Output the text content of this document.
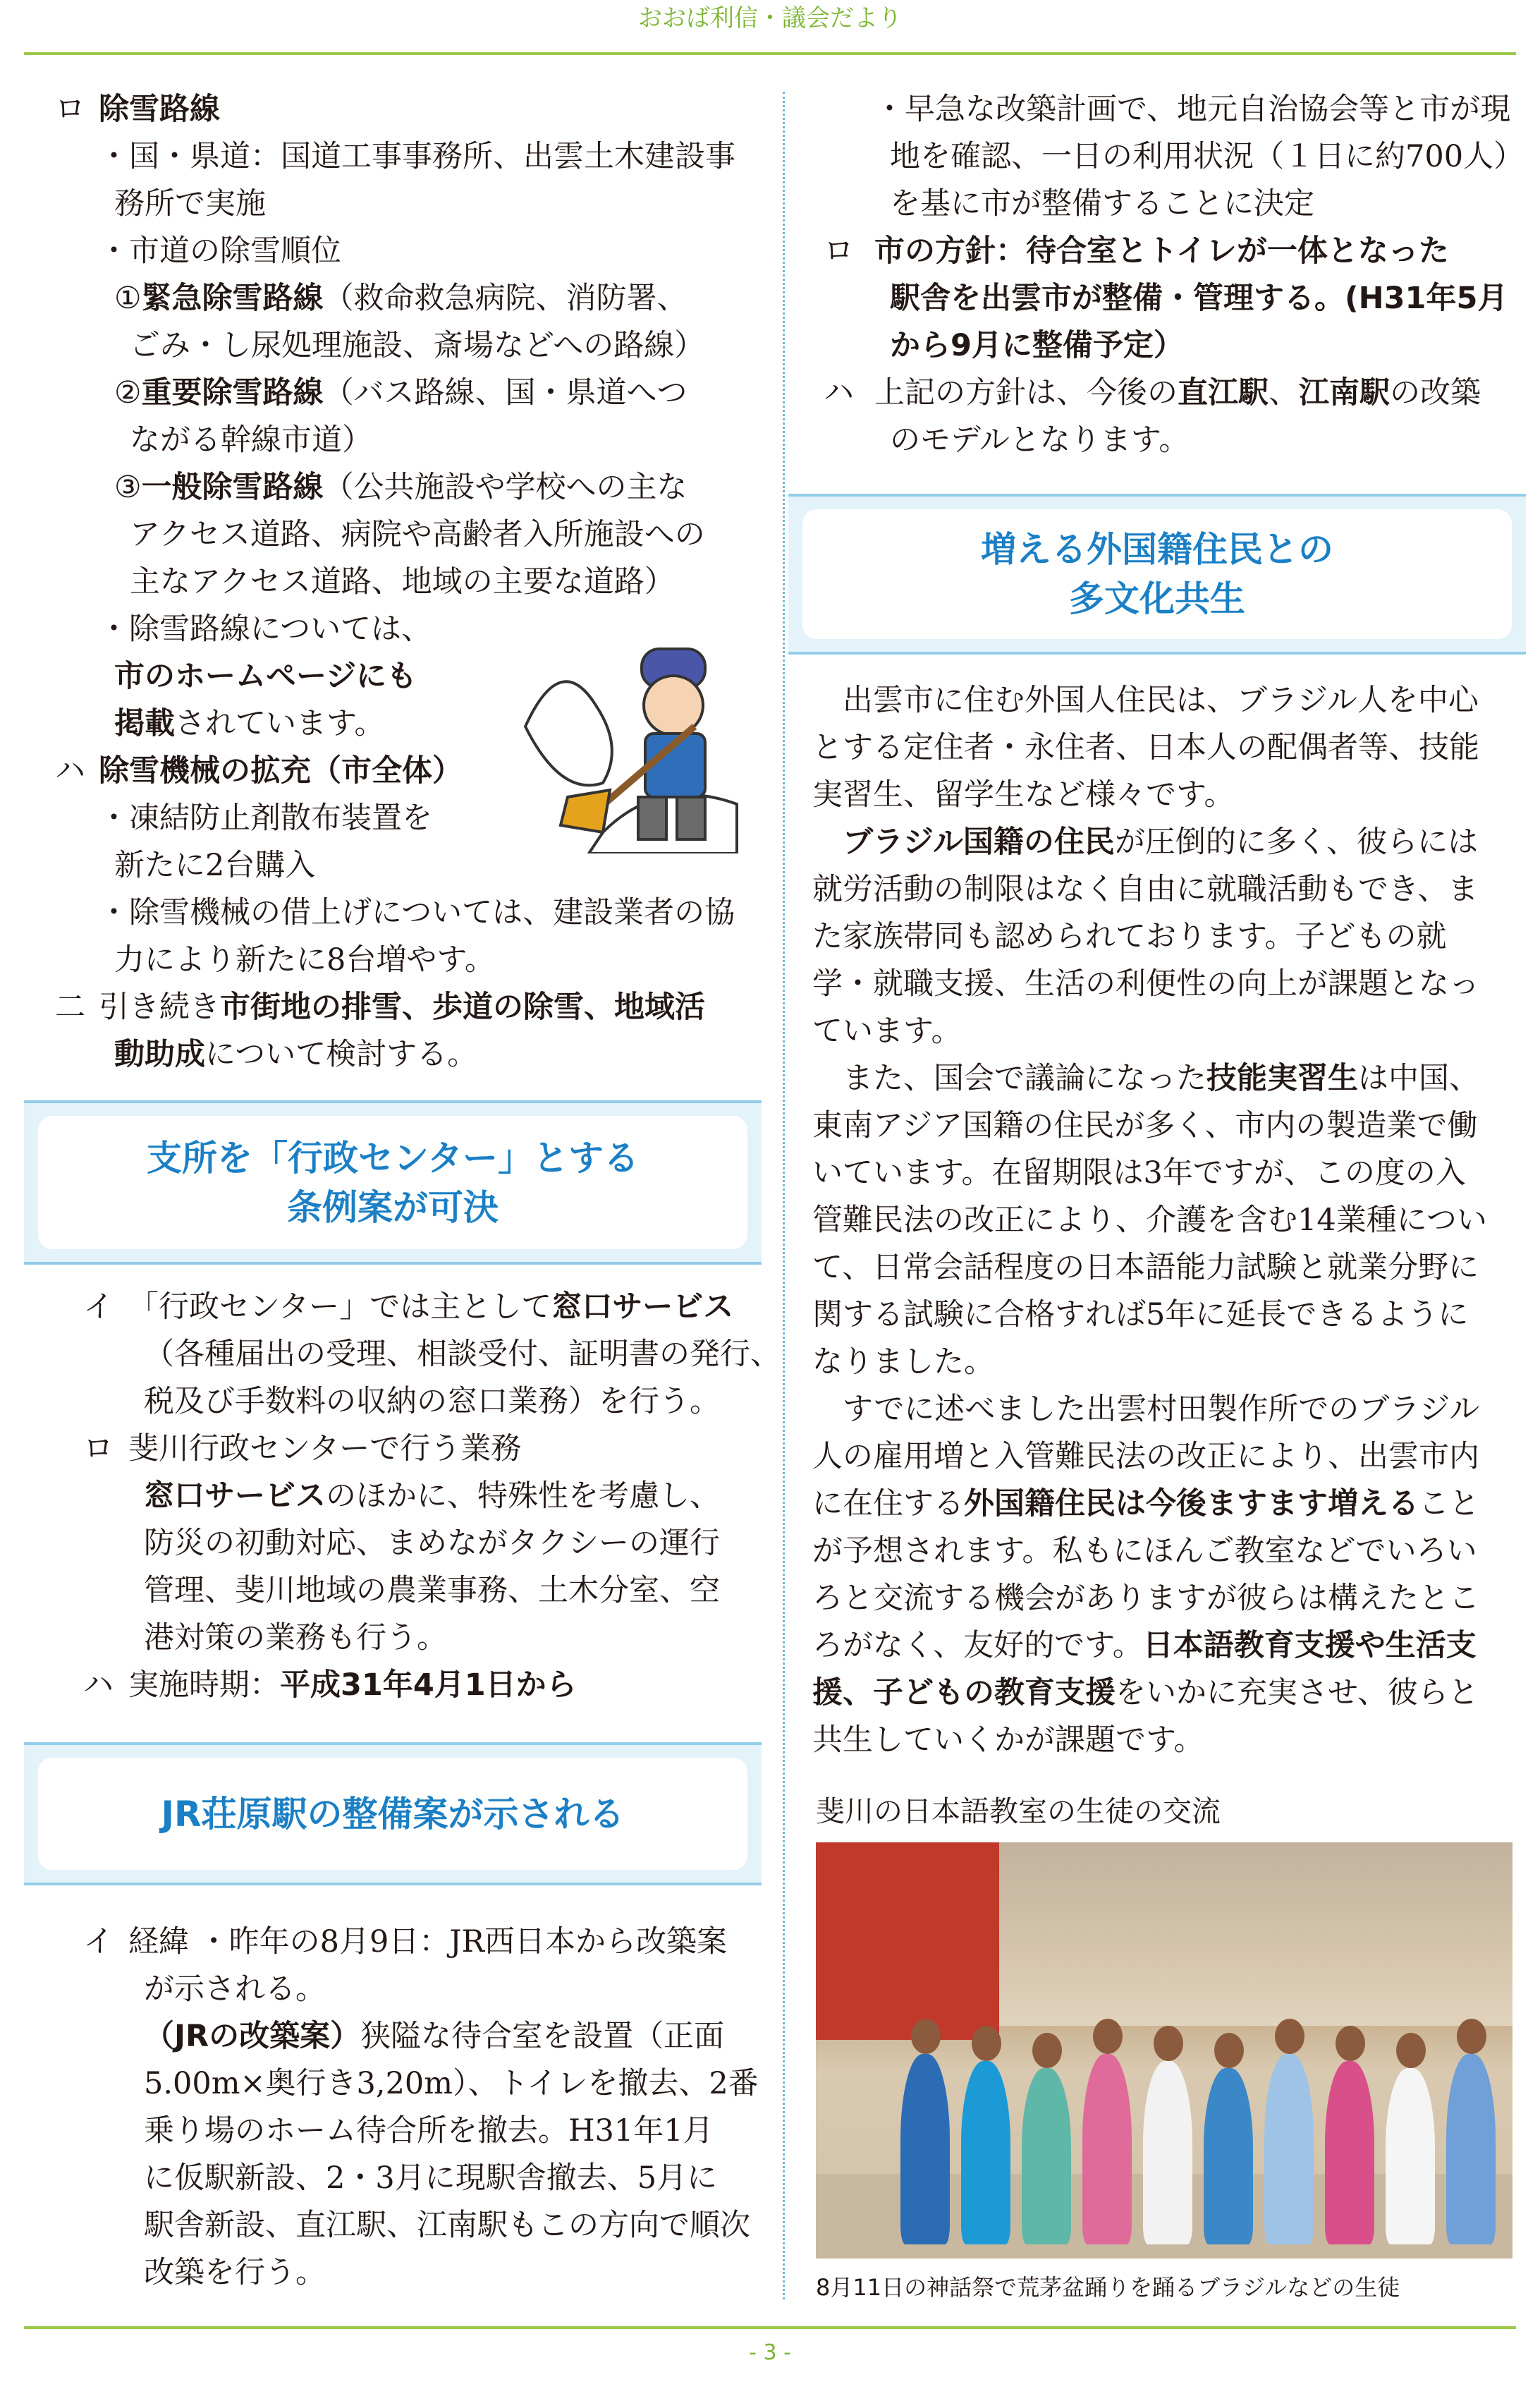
おおば利信・議会だより
ロ 除雪路線
・国・県道：国道工事事務所、出雲土木建設事
務所で実施
・市道の除雪順位
①緊急除雪路線（救命救急病院、消防署、
ごみ・し尿処理施設、斎場などへの路線）
②重要除雪路線（バス路線、国・県道へつ
ながる幹線市道）
③一般除雪路線（公共施設や学校への主な
アクセス道路、病院や高齢者入所施設への
主なアクセス道路、地域の主要な道路）
・除雪路線については、
市のホームページにも
掲載されています。
ハ 除雪機械の拡充（市全体）
・凍結防止剤散布装置を
新たに2台購入
・除雪機械の借上げについては、建設業者の協
力により新たに8台増やす。
二 引き続き市街地の排雪、歩道の除雪、地域活
動助成について検討する。
支所を「行政センター」とする
条例案が可決
イ 「行政センター」では主として窓口サービス
（各種届出の受理、相談受付、証明書の発行、
税及び手数料の収納の窓口業務）を行う。
ロ 斐川行政センターで行う業務
窓口サービスのほかに、特殊性を考慮し、
防災の初動対応、まめながタクシーの運行
管理、斐川地域の農業事務、土木分室、空
港対策の業務も行う。
ハ 実施時期：平成31年4月1日から
JR荘原駅の整備案が示される
イ 経緯 ・昨年の8月9日：JR西日本から改築案
が示される。
（JRの改築案）狭隘な待合室を設置（正面
5.00m×奥行き3,20m）、トイレを撤去、2番
乗り場のホーム待合所を撤去。H31年1月
に仮駅新設、2・3月に現駅舎撤去、5月に
駅舎新設、直江駅、江南駅もこの方向で順次
改築を行う。
・早急な改築計画で、地元自治協会等と市が現
地を確認、一日の利用状況（１日に約700人）
を基に市が整備することに決定
ロ 市の方針：待合室とトイレが一体となった
駅舎を出雲市が整備・管理する。(H31年5月
から9月に整備予定）
ハ 上記の方針は、今後の直江駅、江南駅の改築
のモデルとなります。
増える外国籍住民との
多文化共生
　出雲市に住む外国人住民は、ブラジル人を中心
とする定住者・永住者、日本人の配偶者等、技能
実習生、留学生など様々です。
　ブラジル国籍の住民が圧倒的に多く、彼らには
就労活動の制限はなく自由に就職活動もでき、ま
た家族帯同も認められております。子どもの就
学・就職支援、生活の利便性の向上が課題となっ
ています。
　また、国会で議論になった技能実習生は中国、
東南アジア国籍の住民が多く、市内の製造業で働
いています。在留期限は3年ですが、この度の入
管難民法の改正により、介護を含む14業種につい
て、日常会話程度の日本語能力試験と就業分野に
関する試験に合格すれば5年に延長できるように
なりました。
　すでに述べました出雲村田製作所でのブラジル
人の雇用増と入管難民法の改正により、出雲市内
に在住する外国籍住民は今後ますます増えること
が予想されます。私もにほんご教室などでいろい
ろと交流する機会がありますが彼らは構えたとこ
ろがなく、友好的です。日本語教育支援や生活支
援、子どもの教育支援をいかに充実させ、彼らと
共生していくかが課題です。
斐川の日本語教室の生徒の交流
8月11日の神話祭で荒茅盆踊りを踊るブラジルなどの生徒
- 3 -
